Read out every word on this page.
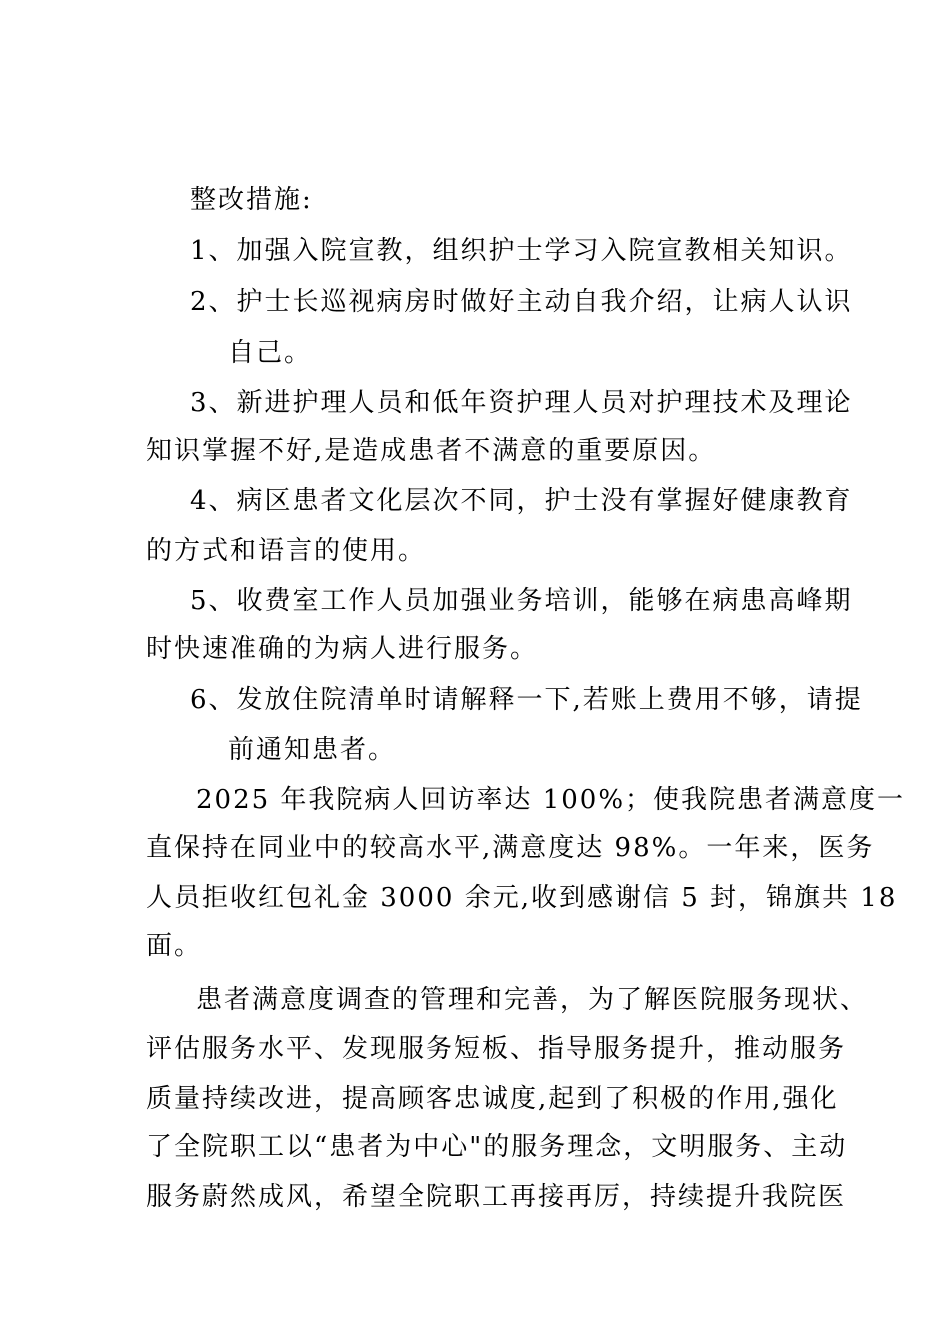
整改措施:
1、加强入院宣教，组织护士学习入院宣教相关知识。
2、护士长巡视病房时做好主动自我介绍，让病人认识
自己。
3、新进护理人员和低年资护理人员对护理技术及理论
知识掌握不好,是造成患者不满意的重要原因。
4、病区患者文化层次不同，护士没有掌握好健康教育
的方式和语言的使用。
5、收费室工作人员加强业务培训，能够在病患高峰期
时快速准确的为病人进行服务。
6、发放住院清单时请解释一下,若账上费用不够，请提
前通知患者。
2025 年我院病人回访率达 100%；使我院患者满意度一
直保持在同业中的较高水平,满意度达 98%。一年来，医务
人员拒收红包礼金 3000 余元,收到感谢信 5 封，锦旗共 18
面。
患者满意度调查的管理和完善，为了解医院服务现状、
评估服务水平、发现服务短板、指导服务提升，推动服务
质量持续改进，提高顾客忠诚度,起到了积极的作用,强化
了全院职工以“患者为中心"的服务理念，文明服务、主动
服务蔚然成风，希望全院职工再接再厉，持续提升我院医
